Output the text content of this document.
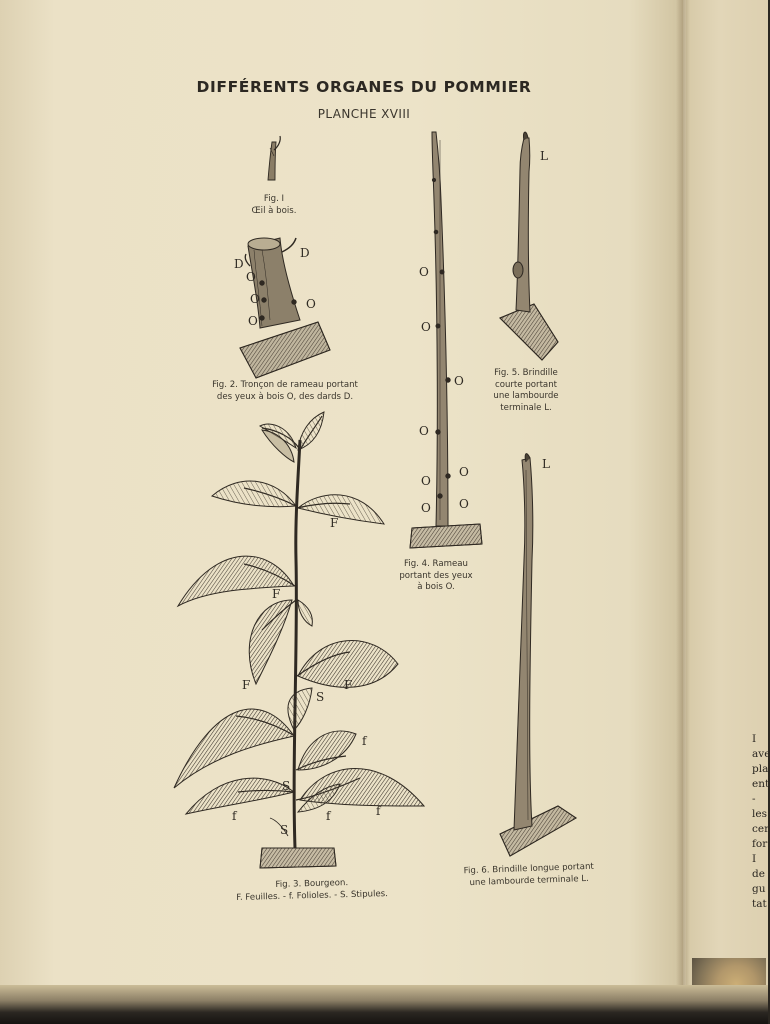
DIFFÉRENTS ORGANES DU POMMIER
PLANCHE XVIII
D
D
O
O	O
O
F
F
F	F
S
f
S
S
f	f
f
O
O
O
O
O
O
O
O
L
L
Fig. I
Œil à bois.
Fig. 2. Tronçon de rameau portant
des yeux à bois O, des dards D.
Fig. 3. Bourgeon.
F. Feuilles. - f. Folioles. - S. Stipules.
Fig. 4. Rameau
portant des yeux
à bois O.
Fig. 5. Brindille
courte portant
une lambourde
terminale L.
Fig. 6. Brindille longue portant
une lambourde terminale L.
I
ave
pla
ent
-
les
cer
for
I
de
gu
tat
